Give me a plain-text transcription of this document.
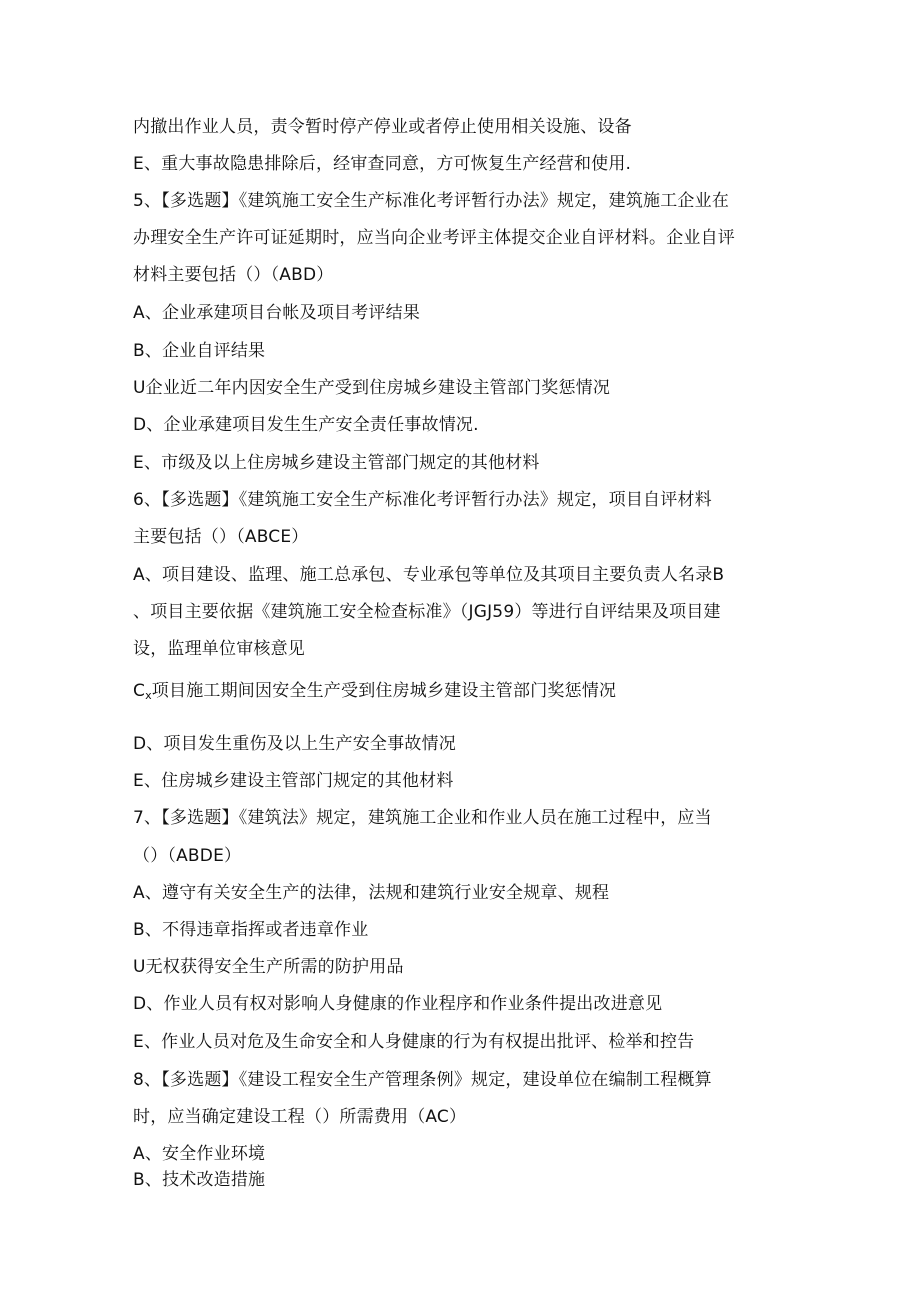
内撤出作业人员，责令暂时停产停业或者停止使用相关设施、设备
E、重大事故隐患排除后，经审查同意，方可恢复生产经营和使用.
5、【多选题】《建筑施工安全生产标准化考评暂行办法》规定，建筑施工企业在
办理安全生产许可证延期时，应当向企业考评主体提交企业自评材料。企业自评
材料主要包括（）（ABD）
A、企业承建项目台帐及项目考评结果
B、企业自评结果
U企业近二年内因安全生产受到住房城乡建设主管部门奖惩情况
D、企业承建项目发生生产安全责任事故情况.
E、市级及以上住房城乡建设主管部门规定的其他材料
6、【多选题】《建筑施工安全生产标准化考评暂行办法》规定，项目自评材料
主要包括（）（ABCE）
A、项目建设、监理、施工总承包、专业承包等单位及其项目主要负责人名录B
、项目主要依据《建筑施工安全检查标准》（JGJ59）等进行自评结果及项目建
设，监理单位审核意见
$C_x$项目施工期间因安全生产受到住房城乡建设主管部门奖惩情况
D、项目发生重伤及以上生产安全事故情况
E、住房城乡建设主管部门规定的其他材料
7、【多选题】《建筑法》规定，建筑施工企业和作业人员在施工过程中，应当
（）（ABDE）
A、遵守有关安全生产的法律，法规和建筑行业安全规章、规程
B、不得违章指挥或者违章作业
U无权获得安全生产所需的防护用品
D、作业人员有权对影响人身健康的作业程序和作业条件提出改进意见
E、作业人员对危及生命安全和人身健康的行为有权提出批评、检举和控告
8、【多选题】《建设工程安全生产管理条例》规定，建设单位在编制工程概算
时，应当确定建设工程（）所需费用（AC）
A、安全作业环境
B、技术改造措施
